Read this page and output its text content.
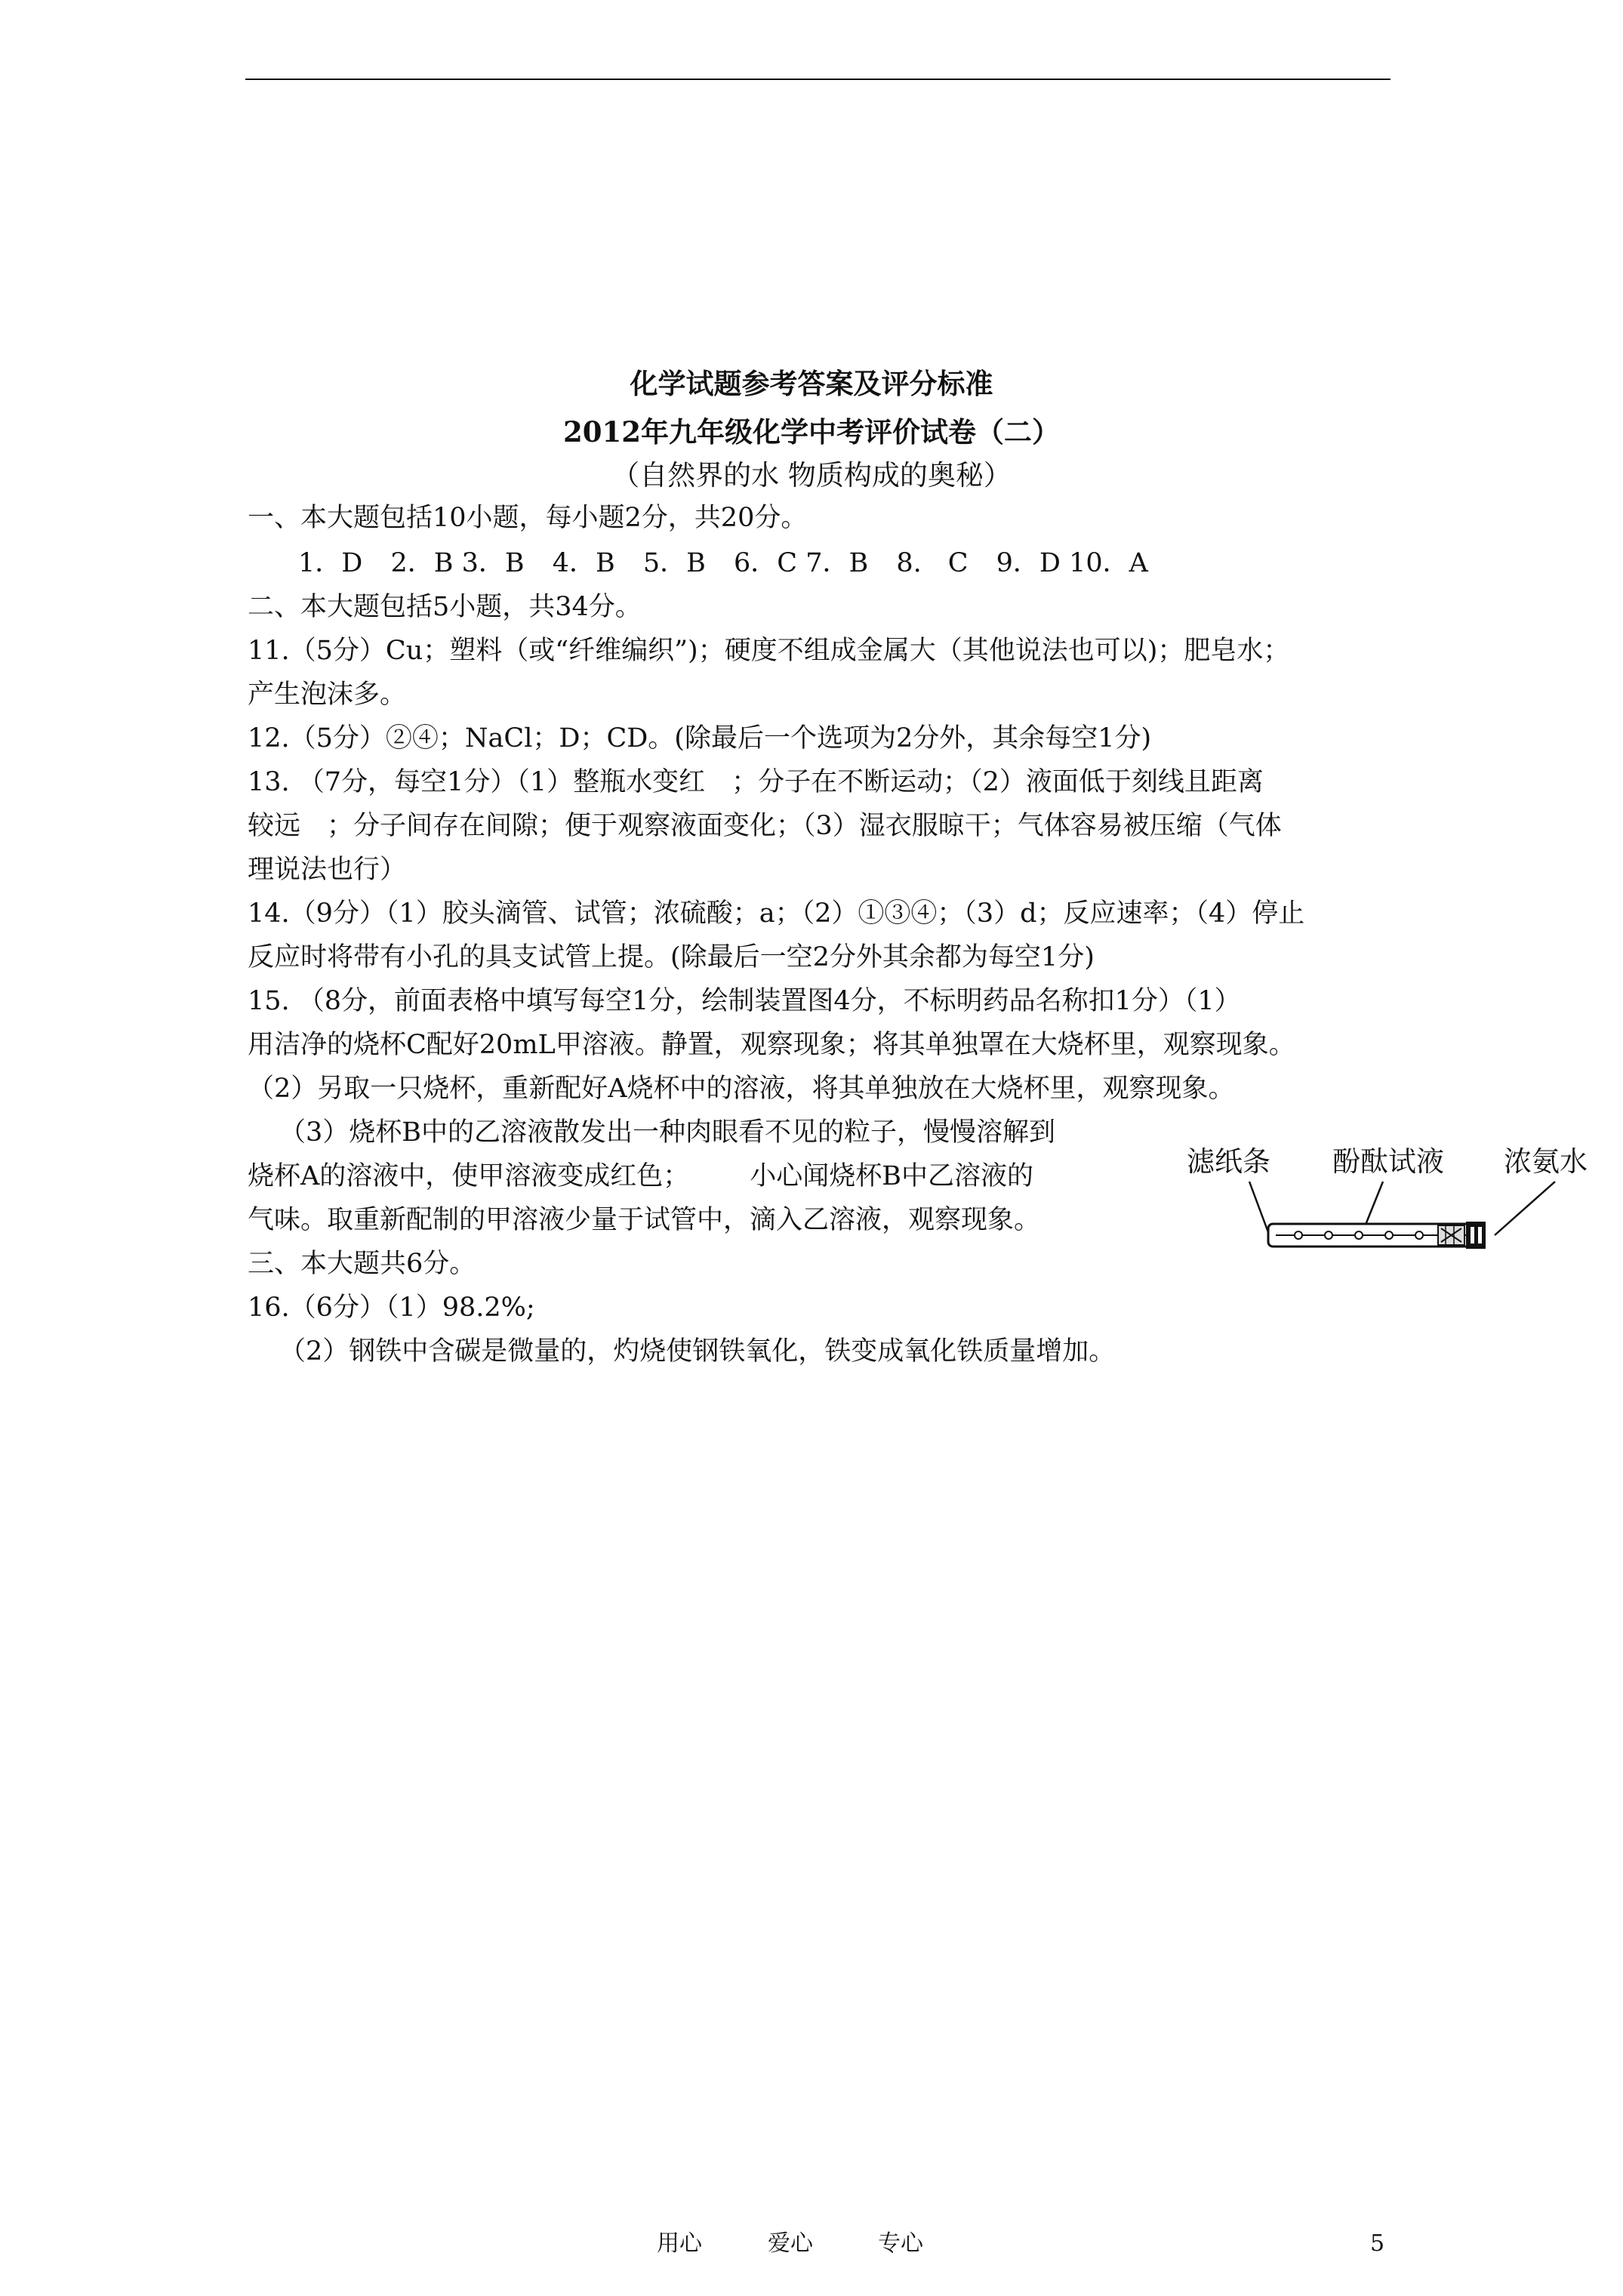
化学试题参考答案及评分标准
2012年九年级化学中考评价试卷（二）
（自然界的水 物质构成的奥秘）
一、本大题包括10小题，每小题2分，共20分。
1．D 2．B 3．B 4．B 5．B 6．C 7．B 8.　C 9．D 10．A
二、本大题包括5小题，共34分。
11.（5分）Cu；塑料（或“纤维编织”)；硬度不组成金属大（其他说法也可以)；肥皂水；
产生泡沫多。
12.（5分）②④；NaCl；D；CD。(除最后一个选项为2分外，其余每空1分)
13. （7分，每空1分）（1）整瓶水变红　；分子在不断运动；（2）液面低于刻线且距离
较远　；分子间存在间隙；便于观察液面变化；（3）湿衣服晾干；气体容易被压缩（气体
理说法也行）
14.（9分）（1）胶头滴管、试管；浓硫酸；a；（2）①③④；（3）d；反应速率；（4）停止
反应时将带有小孔的具支试管上提。(除最后一空2分外其余都为每空1分)
15. （8分，前面表格中填写每空1分，绘制装置图4分，不标明药品名称扣1分）（1）
用洁净的烧杯C配好20mL甲溶液。静置，观察现象；将其单独罩在大烧杯里，观察现象。
（2）另取一只烧杯，重新配好A烧杯中的溶液，将其单独放在大烧杯里，观察现象。
（3）烧杯B中的乙溶液散发出一种肉眼看不见的粒子，慢慢溶解到
烧杯A的溶液中，使甲溶液变成红色； 小心闻烧杯B中乙溶液的
气味。取重新配制的甲溶液少量于试管中，滴入乙溶液，观察现象。
滤纸条 酚酞试液 浓氨水
三、本大题共6分。
16.（6分）（1）98.2%;
（2）钢铁中含碳是微量的，灼烧使钢铁氧化，铁变成氧化铁质量增加。
用心	爱心	专心	5
